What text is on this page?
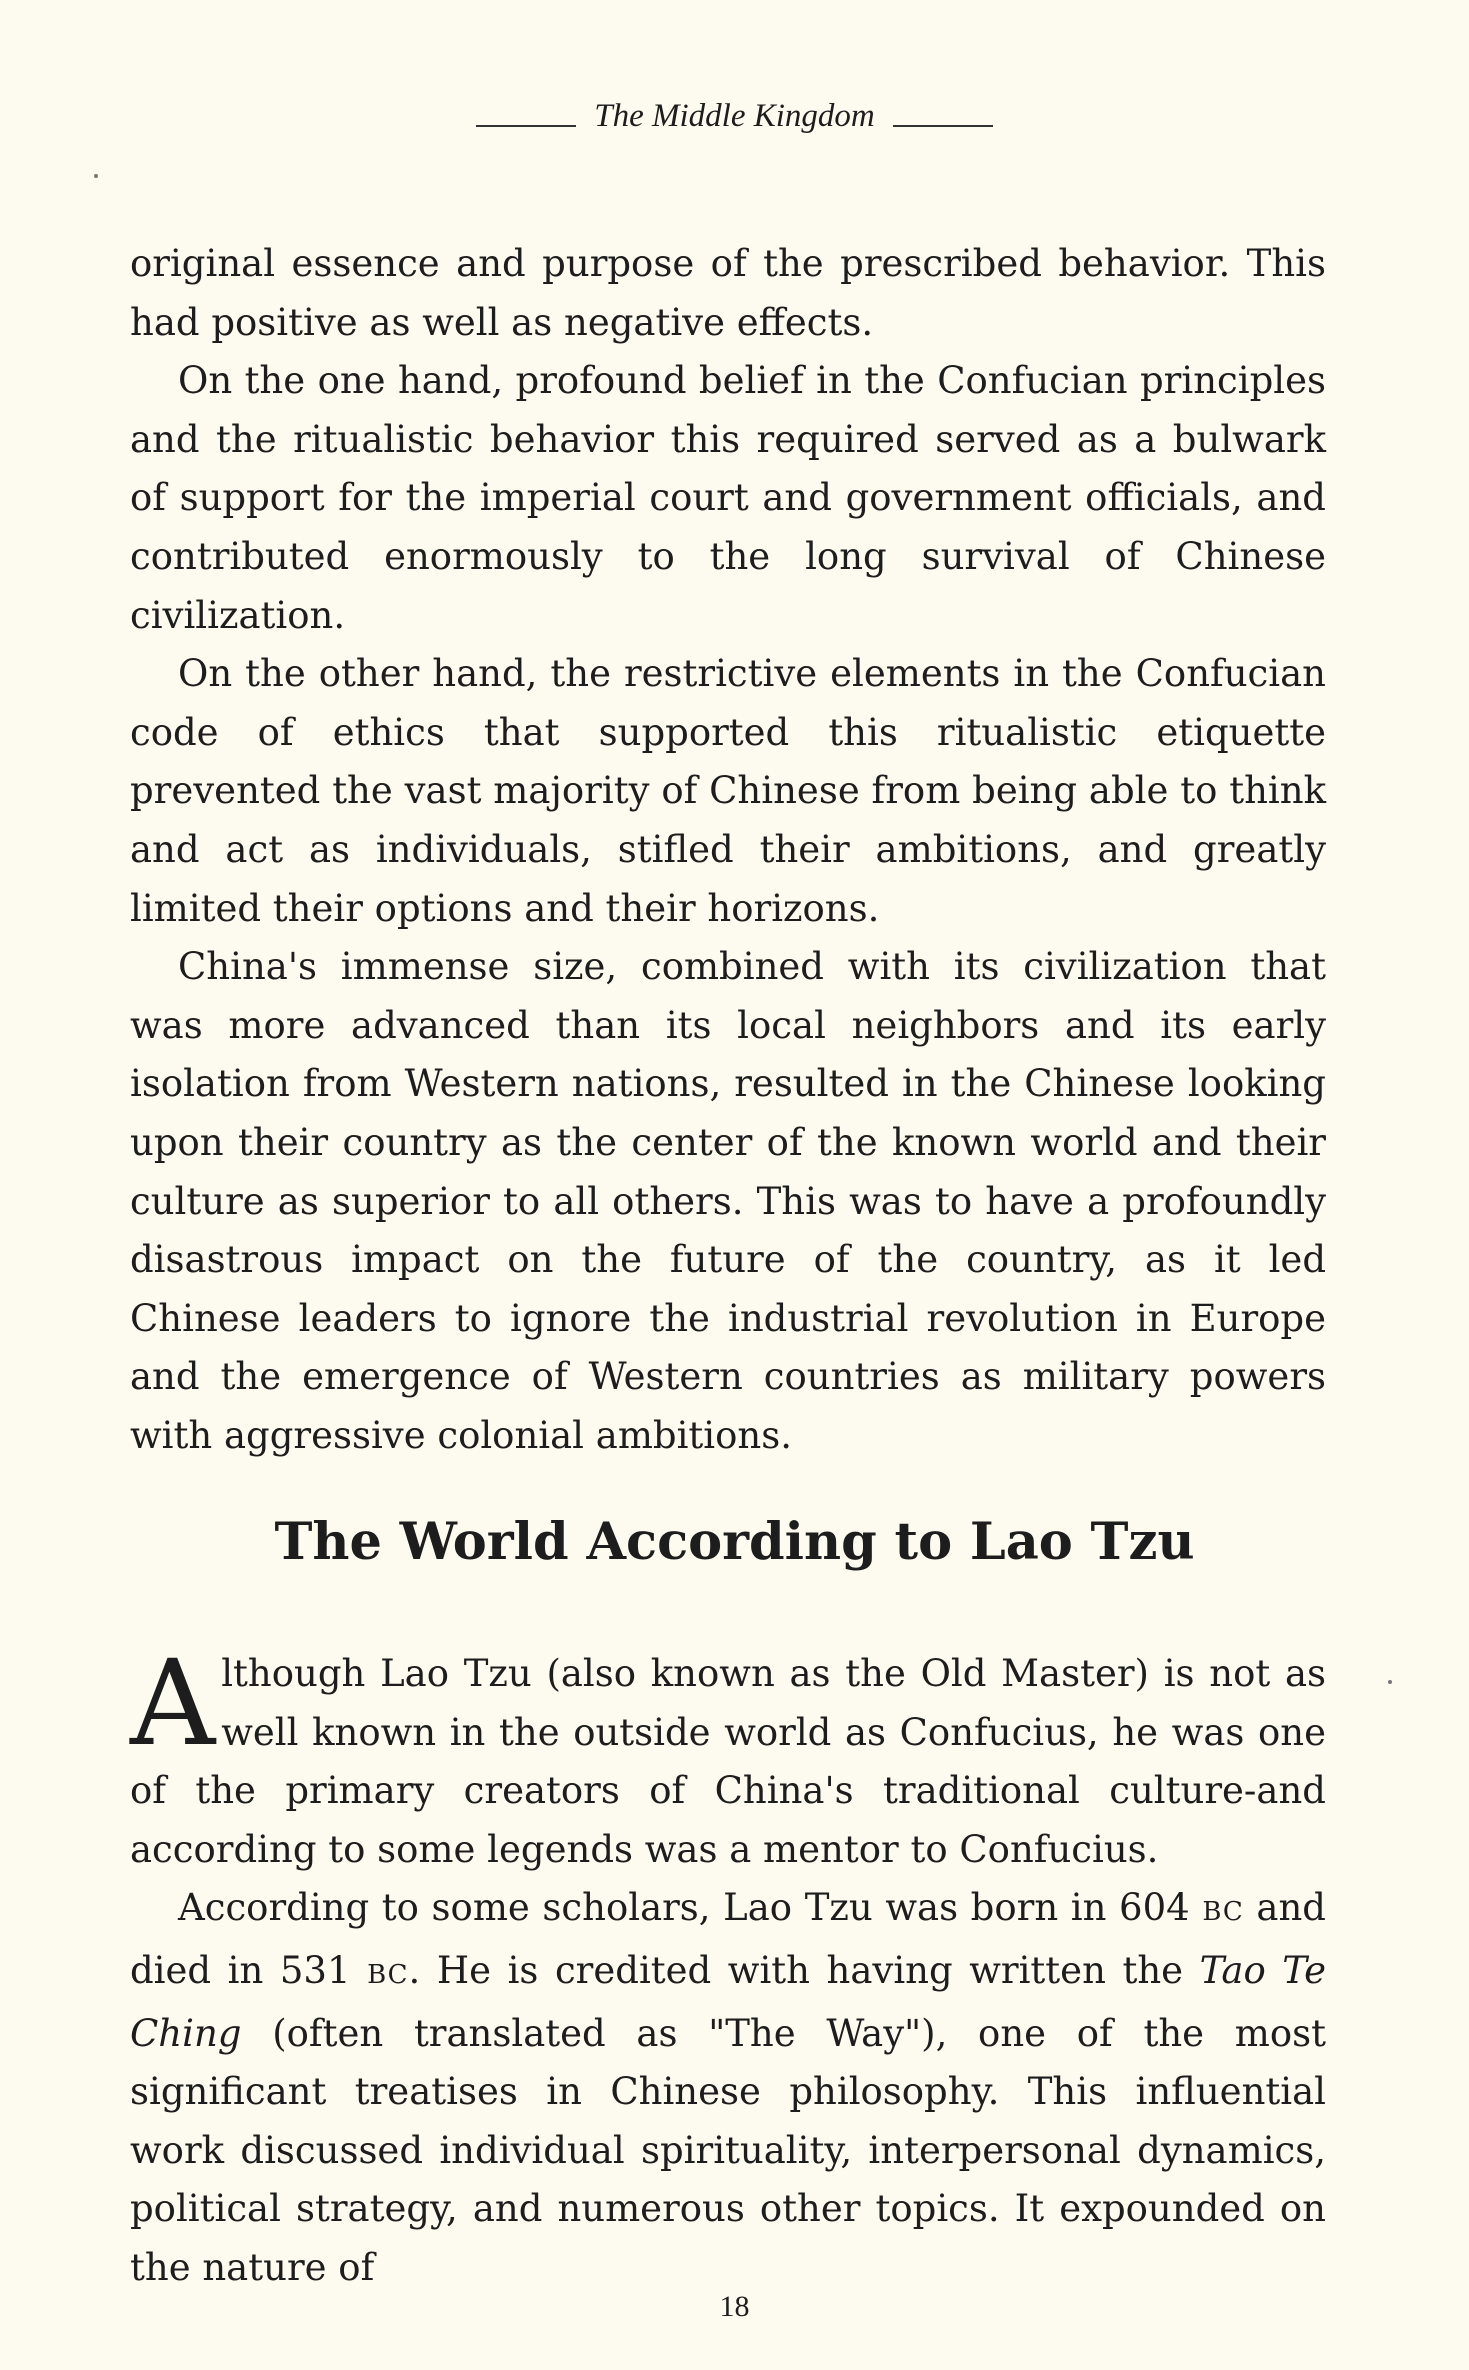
The Middle Kingdom

original essence and purpose of the prescribed behavior. This had positive as well as negative effects.

On the one hand, profound belief in the Confucian principles and the ritualistic behavior this required served as a bulwark of support for the imperial court and government officials, and contributed enormously to the long survival of Chinese civilization.

On the other hand, the restrictive elements in the Confucian code of ethics that supported this ritualistic etiquette prevented the vast majority of Chinese from being able to think and act as individuals, stifled their ambitions, and greatly limited their options and their horizons.

China's immense size, combined with its civilization that was more advanced than its local neighbors and its early isolation from Western nations, resulted in the Chinese looking upon their country as the center of the known world and their culture as superior to all others. This was to have a profoundly disastrous impact on the future of the country, as it led Chinese leaders to ignore the industrial revolution in Europe and the emergence of Western countries as military powers with aggressive colonial ambitions.

The World According to Lao Tzu

Although Lao Tzu (also known as the Old Master) is not as well known in the outside world as Confucius, he was one of the primary creators of China's traditional culture-and according to some legends was a mentor to Confucius.

According to some scholars, Lao Tzu was born in 604 BC and died in 531 BC. He is credited with having written the Tao Te Ching (often translated as "The Way"), one of the most significant treatises in Chinese philosophy. This influential work discussed individual spirituality, interpersonal dynamics, political strategy, and numerous other topics. It expounded on the nature of

18
